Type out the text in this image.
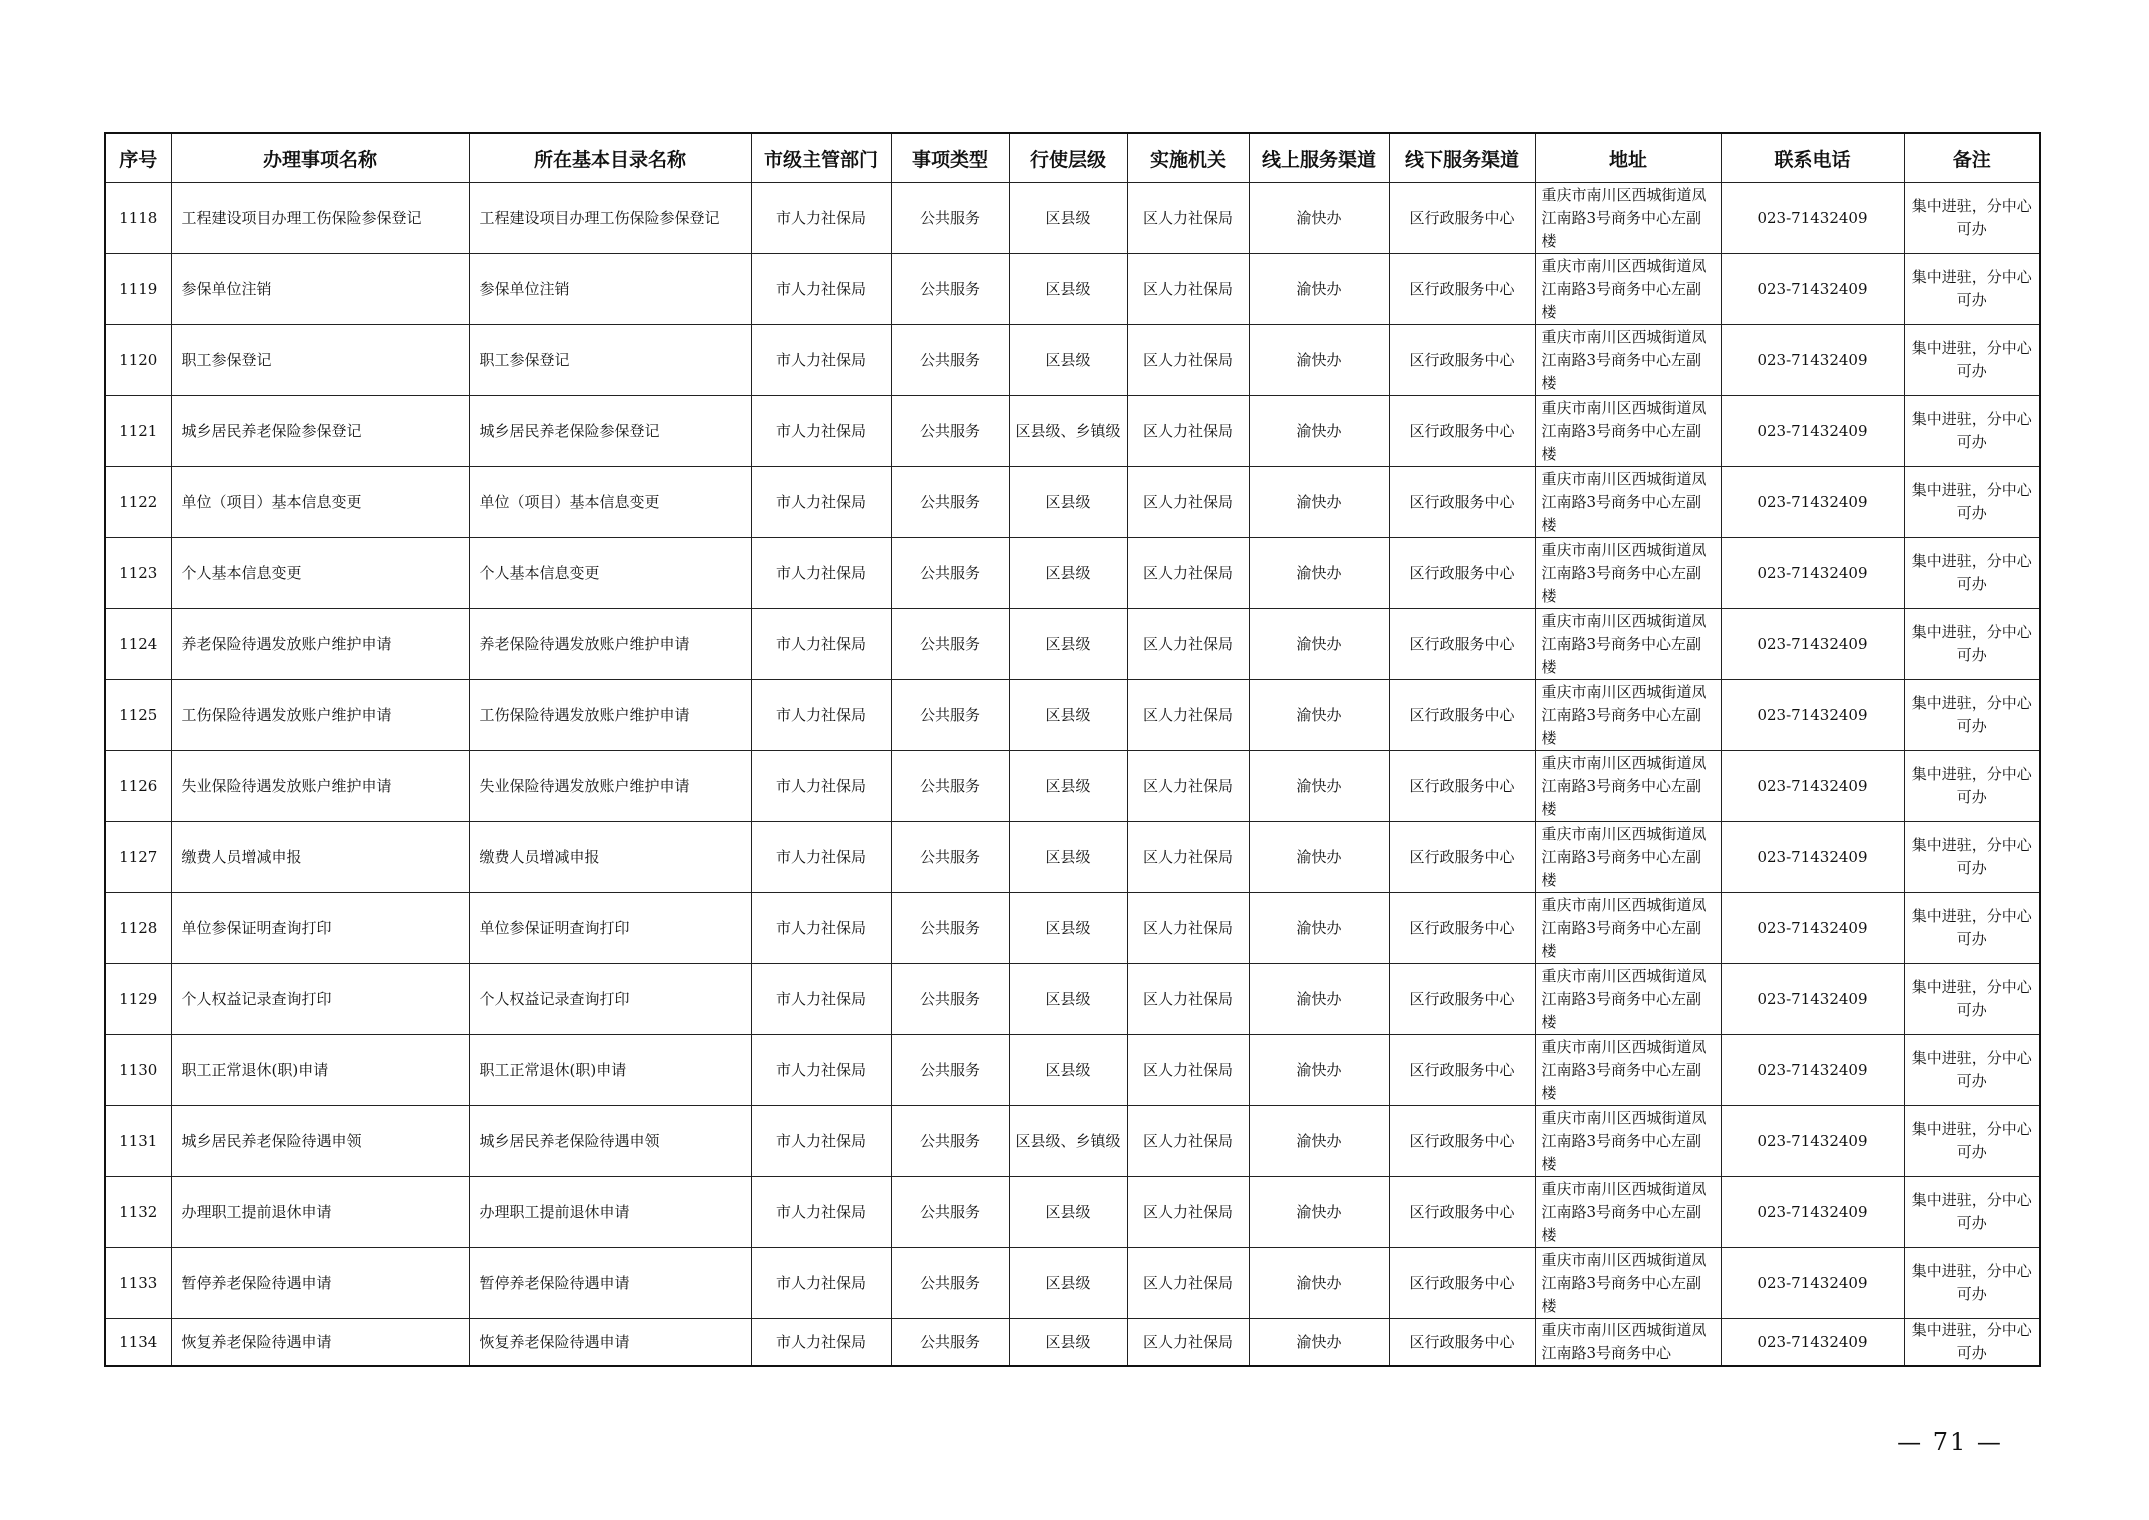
序号	办理事项名称	所在基本目录名称	市级主管部门	事项类型	行使层级	实施机关	线上服务渠道	线下服务渠道	地址	联系电话	备注
1118	工程建设项目办理工伤保险参保登记	工程建设项目办理工伤保险参保登记	市人力社保局	公共服务	区县级	区人力社保局	渝快办	区行政服务中心	重庆市南川区西城街道凤江南路3号商务中心左副楼	023-71432409	集中进驻，分中心可办
1119	参保单位注销	参保单位注销	市人力社保局	公共服务	区县级	区人力社保局	渝快办	区行政服务中心	重庆市南川区西城街道凤江南路3号商务中心左副楼	023-71432409	集中进驻，分中心可办
1120	职工参保登记	职工参保登记	市人力社保局	公共服务	区县级	区人力社保局	渝快办	区行政服务中心	重庆市南川区西城街道凤江南路3号商务中心左副楼	023-71432409	集中进驻，分中心可办
1121	城乡居民养老保险参保登记	城乡居民养老保险参保登记	市人力社保局	公共服务	区县级、乡镇级	区人力社保局	渝快办	区行政服务中心	重庆市南川区西城街道凤江南路3号商务中心左副楼	023-71432409	集中进驻，分中心可办
1122	单位（项目）基本信息变更	单位（项目）基本信息变更	市人力社保局	公共服务	区县级	区人力社保局	渝快办	区行政服务中心	重庆市南川区西城街道凤江南路3号商务中心左副楼	023-71432409	集中进驻，分中心可办
1123	个人基本信息变更	个人基本信息变更	市人力社保局	公共服务	区县级	区人力社保局	渝快办	区行政服务中心	重庆市南川区西城街道凤江南路3号商务中心左副楼	023-71432409	集中进驻，分中心可办
1124	养老保险待遇发放账户维护申请	养老保险待遇发放账户维护申请	市人力社保局	公共服务	区县级	区人力社保局	渝快办	区行政服务中心	重庆市南川区西城街道凤江南路3号商务中心左副楼	023-71432409	集中进驻，分中心可办
1125	工伤保险待遇发放账户维护申请	工伤保险待遇发放账户维护申请	市人力社保局	公共服务	区县级	区人力社保局	渝快办	区行政服务中心	重庆市南川区西城街道凤江南路3号商务中心左副楼	023-71432409	集中进驻，分中心可办
1126	失业保险待遇发放账户维护申请	失业保险待遇发放账户维护申请	市人力社保局	公共服务	区县级	区人力社保局	渝快办	区行政服务中心	重庆市南川区西城街道凤江南路3号商务中心左副楼	023-71432409	集中进驻，分中心可办
1127	缴费人员增减申报	缴费人员增减申报	市人力社保局	公共服务	区县级	区人力社保局	渝快办	区行政服务中心	重庆市南川区西城街道凤江南路3号商务中心左副楼	023-71432409	集中进驻，分中心可办
1128	单位参保证明查询打印	单位参保证明查询打印	市人力社保局	公共服务	区县级	区人力社保局	渝快办	区行政服务中心	重庆市南川区西城街道凤江南路3号商务中心左副楼	023-71432409	集中进驻，分中心可办
1129	个人权益记录查询打印	个人权益记录查询打印	市人力社保局	公共服务	区县级	区人力社保局	渝快办	区行政服务中心	重庆市南川区西城街道凤江南路3号商务中心左副楼	023-71432409	集中进驻，分中心可办
1130	职工正常退休(职)申请	职工正常退休(职)申请	市人力社保局	公共服务	区县级	区人力社保局	渝快办	区行政服务中心	重庆市南川区西城街道凤江南路3号商务中心左副楼	023-71432409	集中进驻，分中心可办
1131	城乡居民养老保险待遇申领	城乡居民养老保险待遇申领	市人力社保局	公共服务	区县级、乡镇级	区人力社保局	渝快办	区行政服务中心	重庆市南川区西城街道凤江南路3号商务中心左副楼	023-71432409	集中进驻，分中心可办
1132	办理职工提前退休申请	办理职工提前退休申请	市人力社保局	公共服务	区县级	区人力社保局	渝快办	区行政服务中心	重庆市南川区西城街道凤江南路3号商务中心左副楼	023-71432409	集中进驻，分中心可办
1133	暂停养老保险待遇申请	暂停养老保险待遇申请	市人力社保局	公共服务	区县级	区人力社保局	渝快办	区行政服务中心	重庆市南川区西城街道凤江南路3号商务中心左副楼	023-71432409	集中进驻，分中心可办
1134	恢复养老保险待遇申请	恢复养老保险待遇申请	市人力社保局	公共服务	区县级	区人力社保局	渝快办	区行政服务中心	重庆市南川区西城街道凤江南路3号商务中心	023-71432409	集中进驻，分中心可办
— 71 —
